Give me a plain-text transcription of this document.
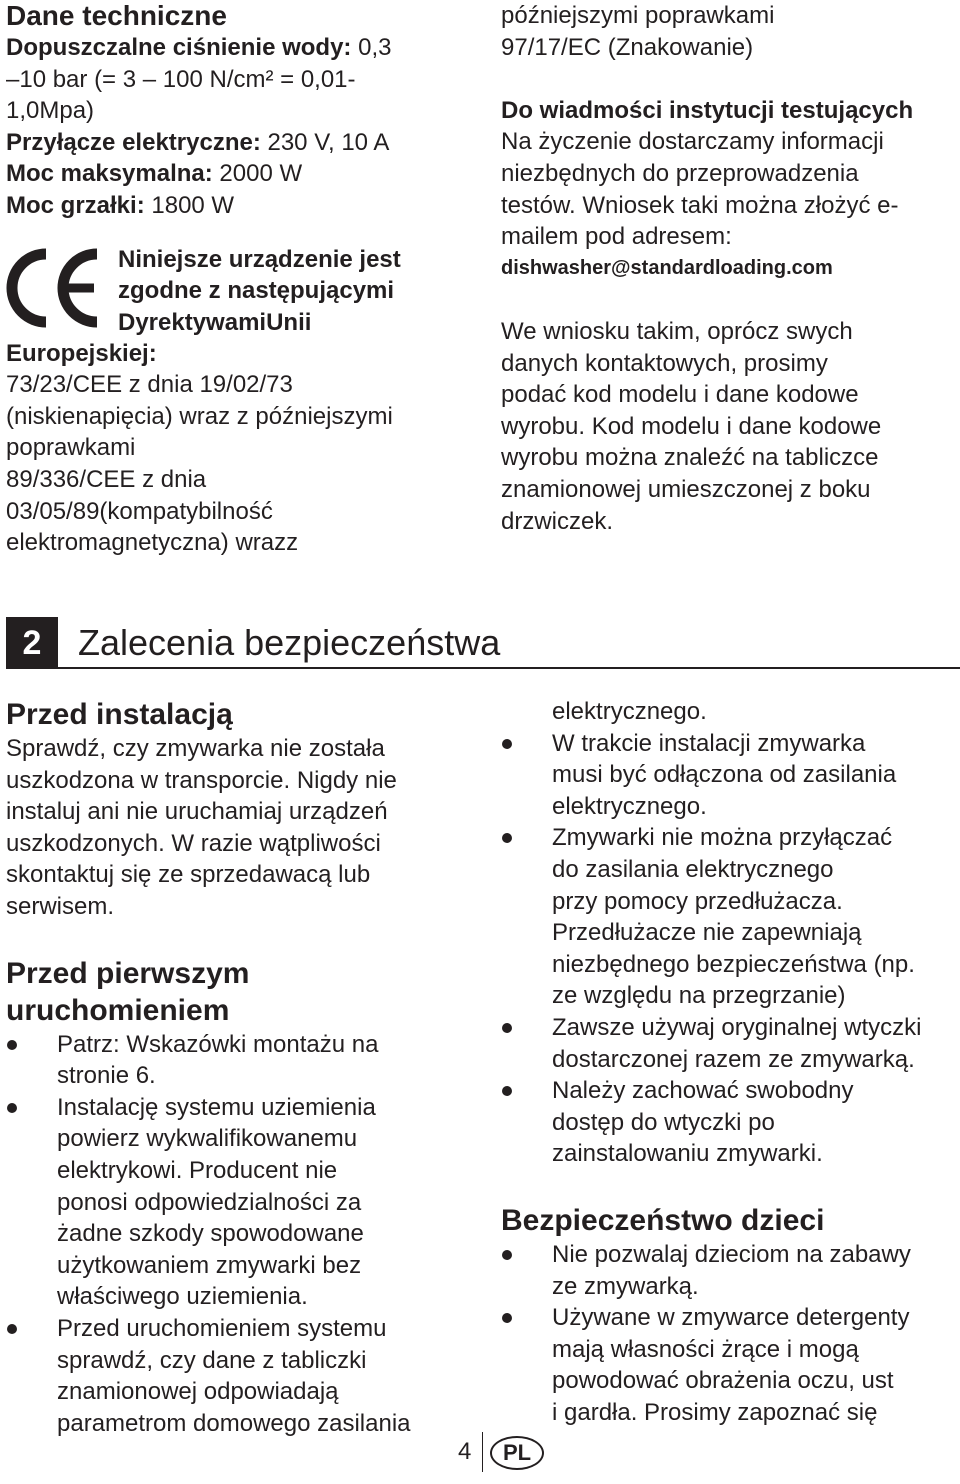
Dane techniczne
Dopuszczalne ciśnienie wody: 0,3
–10 bar (= 3 – 100 N/cm² = 0,01-
1,0Mpa)
Przyłącze elektryczne: 230 V, 10 A
Moc maksymalna: 2000 W
Moc grzałki: 1800 W
Niniejsze urządzenie jest
zgodne z następującymi
DyrektywamiUnii
Europejskiej:
73/23/CEE z dnia 19/02/73
(niskienapięcia) wraz z późniejszymi
poprawkami
89/336/CEE z dnia
03/05/89(kompatybilność
elektromagnetyczna) wrazz
późniejszymi poprawkami
97/17/EC (Znakowanie)
Do wiadmości instytucji testujących
Na życzenie dostarczamy informacji
niezbędnych do przeprowadzenia
testów. Wniosek taki można złożyć e-
mailem pod adresem:
dishwasher@standardloading.com
We wniosku takim, oprócz swych
danych kontaktowych, prosimy
podać kod modelu i dane kodowe
wyrobu. Kod modelu i dane kodowe
wyrobu można znaleźć na tabliczce
znamionowej umieszczonej z boku
drzwiczek.
2	Zalecenia bezpieczeństwa
Przed instalacją
Sprawdź, czy zmywarka nie została
uszkodzona w transporcie. Nigdy nie
instaluj ani nie uruchamiaj urządzeń
uszkodzonych. W razie wątpliwości
skontaktuj się ze sprzedawacą lub
serwisem.
Przed pierwszym
uruchomieniem
Patrz: Wskazówki montażu na
stronie 6.
Instalację systemu uziemienia
powierz wykwalifikowanemu
elektrykowi. Producent nie
ponosi odpowiedzialności za
żadne szkody spowodowane
użytkowaniem zmywarki bez
właściwego uziemienia.
Przed uruchomieniem systemu
sprawdź, czy dane z tabliczki
znamionowej odpowiadają
parametrom domowego zasilania
elektrycznego.
W trakcie instalacji zmywarka
musi być odłączona od zasilania
elektrycznego.
Zmywarki nie można przyłączać
do zasilania elektrycznego
przy pomocy przedłużacza.
Przedłużacze nie zapewniają
niezbędnego bezpieczeństwa (np.
ze względu na przegrzanie)
Zawsze używaj oryginalnej wtyczki
dostarczonej razem ze zmywarką.
Należy zachować swobodny
dostęp do wtyczki po
zainstalowaniu zmywarki.
Bezpieczeństwo dzieci
Nie pozwalaj dzieciom na zabawy
ze zmywarką.
Używane w zmywarce detergenty
mają własności żrące i mogą
powodować obrażenia oczu, ust
i gardła. Prosimy zapoznać się
4	PL
